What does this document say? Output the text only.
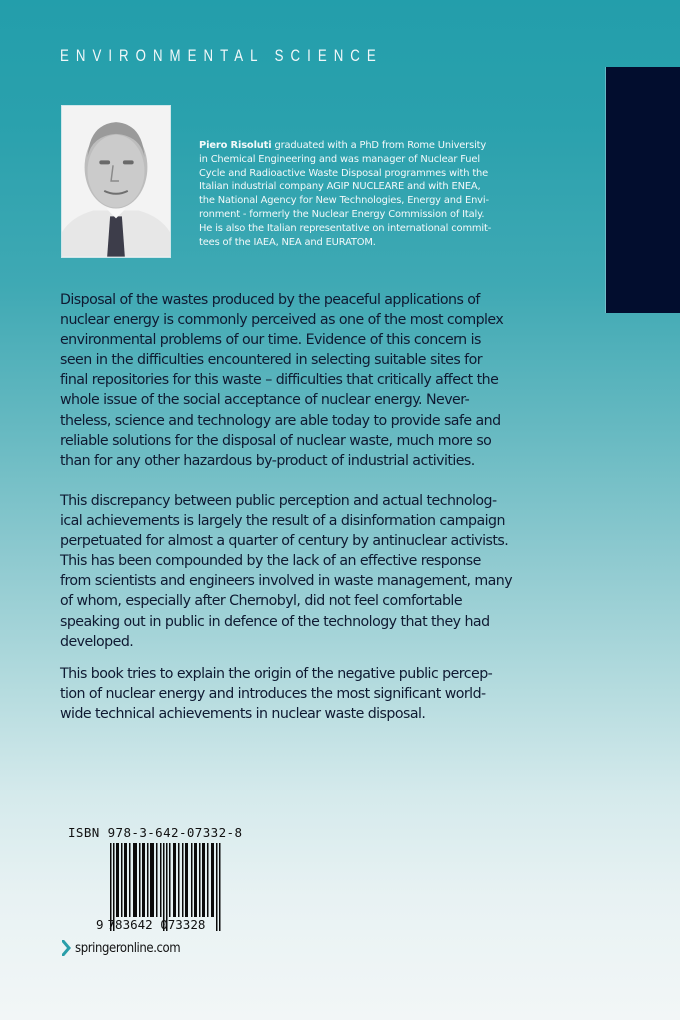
ENVIRONMENTAL SCIENCE
Piero Risoluti graduated with a PhD from Rome University
in Chemical Engineering and was manager of Nuclear Fuel
Cycle and Radioactive Waste Disposal programmes with the
Italian industrial company AGIP NUCLEARE and with ENEA,
the National Agency for New Technologies, Energy and Envi-
ronment - formerly the Nuclear Energy Commission of Italy.
He is also the Italian representative on international commit-
tees of the IAEA, NEA and EURATOM.
Disposal of the wastes produced by the peaceful applications of
nuclear energy is commonly perceived as one of the most complex
environmental problems of our time. Evidence of this concern is
seen in the difficulties encountered in selecting suitable sites for
final repositories for this waste – difficulties that critically affect the
whole issue of the social acceptance of nuclear energy. Never-
theless, science and technology are able today to provide safe and
reliable solutions for the disposal of nuclear waste, much more so
than for any other hazardous by-product of industrial activities.
This discrepancy between public perception and actual technolog-
ical achievements is largely the result of a disinformation campaign
perpetuated for almost a quarter of century by antinuclear activists.
This has been compounded by the lack of an effective response
from scientists and engineers involved in waste management, many
of whom, especially after Chernobyl, did not feel comfortable
speaking out in public in defence of the technology that they had
developed.
This book tries to explain the origin of the negative public percep-
tion of nuclear energy and introduces the most significant world-
wide technical achievements in nuclear waste disposal.
ISBN 978-3-642-07332-8
9 783642 073328
springeronline.com
